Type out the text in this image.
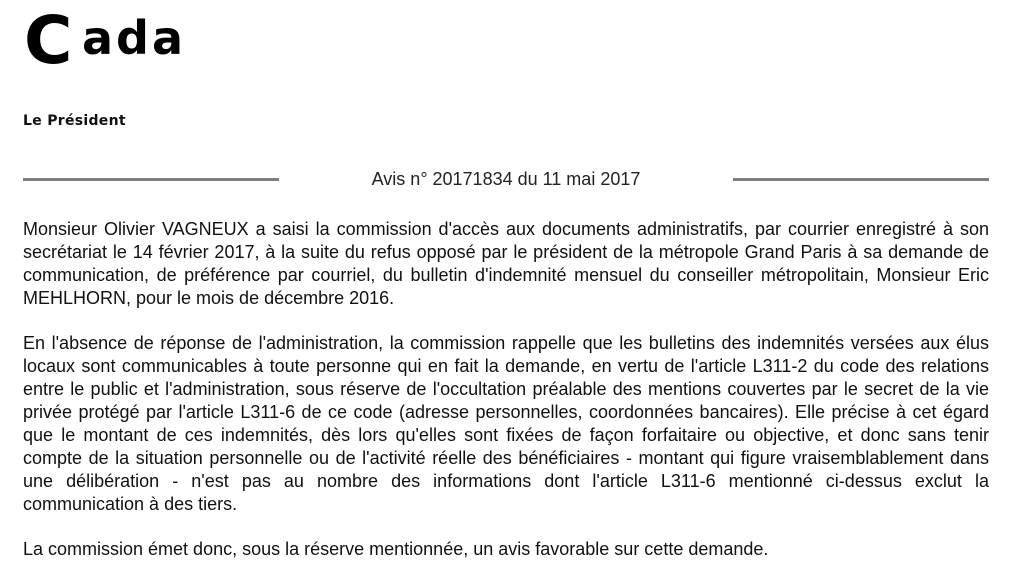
C ada
Le Président
Avis n° 20171834 du 11 mai 2017

Monsieur Olivier VAGNEUX a saisi la commission d'accès aux documents administratifs, par courrier enregistré à son secrétariat le 14 février 2017, à la suite du refus opposé par le président de la métropole Grand Paris à sa demande de communication, de préférence par courriel, du bulletin d'indemnité mensuel du conseiller métropolitain, Monsieur Eric MEHLHORN, pour le mois de décembre 2016.

En l'absence de réponse de l'administration, la commission rappelle que les bulletins des indemnités versées aux élus locaux sont communicables à toute personne qui en fait la demande, en vertu de l'article L311-2 du code des relations entre le public et l'administration, sous réserve de l'occultation préalable des mentions couvertes par le secret de la vie privée protégé par l'article L311-6 de ce code (adresse personnelles, coordonnées bancaires). Elle précise à cet égard que le montant de ces indemnités, dès lors qu'elles sont fixées de façon forfaitaire ou objective, et donc sans tenir compte de la situation personnelle ou de l'activité réelle des bénéficiaires - montant qui figure vraisemblablement dans une délibération - n'est pas au nombre des informations dont l'article L311-6 mentionné ci-dessus exclut la communication à des tiers.

La commission émet donc, sous la réserve mentionnée, un avis favorable sur cette demande.
